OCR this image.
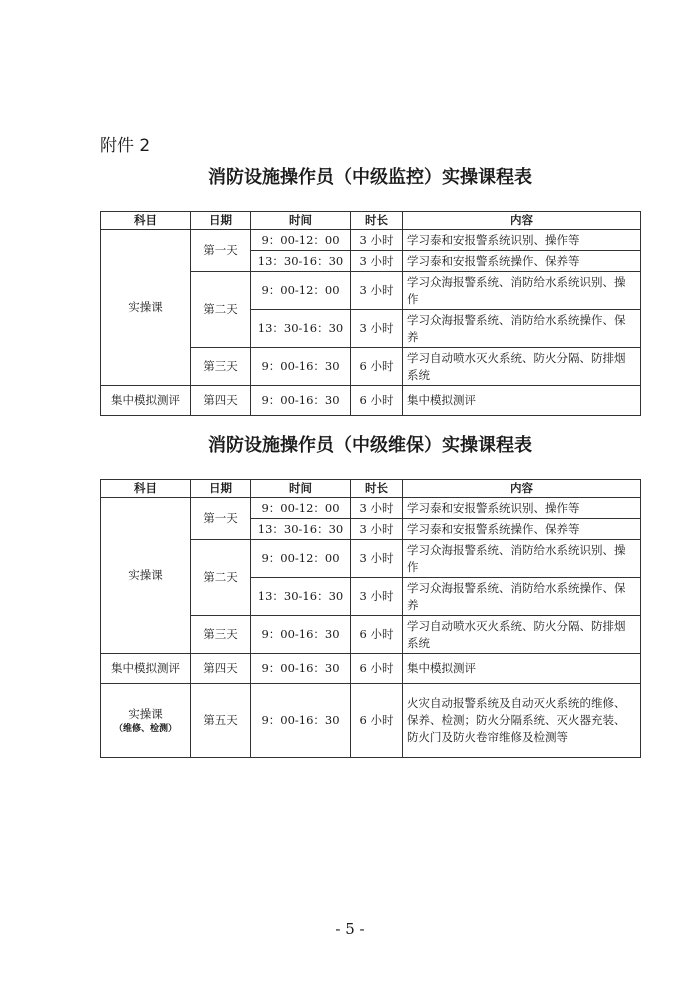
附件 2
消防设施操作员（中级监控）实操课程表
科目	日期	时间	时长	内容
实操课	第一天	9：00-12：00	3 小时	学习泰和安报警系统识别、操作等
		13：30-16：30	3 小时	学习泰和安报警系统操作、保养等
	第二天	9：00-12：00	3 小时	学习众海报警系统、消防给水系统识别、操作
		13：30-16：30	3 小时	学习众海报警系统、消防给水系统操作、保养
	第三天	9：00-16：30	6 小时	学习自动喷水灭火系统、防火分隔、防排烟系统
集中模拟测评	第四天	9：00-16：30	6 小时	集中模拟测评
消防设施操作员（中级维保）实操课程表
科目	日期	时间	时长	内容
实操课	第一天	9：00-12：00	3 小时	学习泰和安报警系统识别、操作等
		13：30-16：30	3 小时	学习泰和安报警系统操作、保养等
	第二天	9：00-12：00	3 小时	学习众海报警系统、消防给水系统识别、操作
		13：30-16：30	3 小时	学习众海报警系统、消防给水系统操作、保养
	第三天	9：00-16：30	6 小时	学习自动喷水灭火系统、防火分隔、防排烟系统
集中模拟测评	第四天	9：00-16：30	6 小时	集中模拟测评
实操课
（维修、检测）	第五天	9：00-16：30	6 小时	火灾自动报警系统及自动灭火系统的维修、保养、检测；防火分隔系统、灭火器充装、防火门及防火卷帘维修及检测等
- 5 -
